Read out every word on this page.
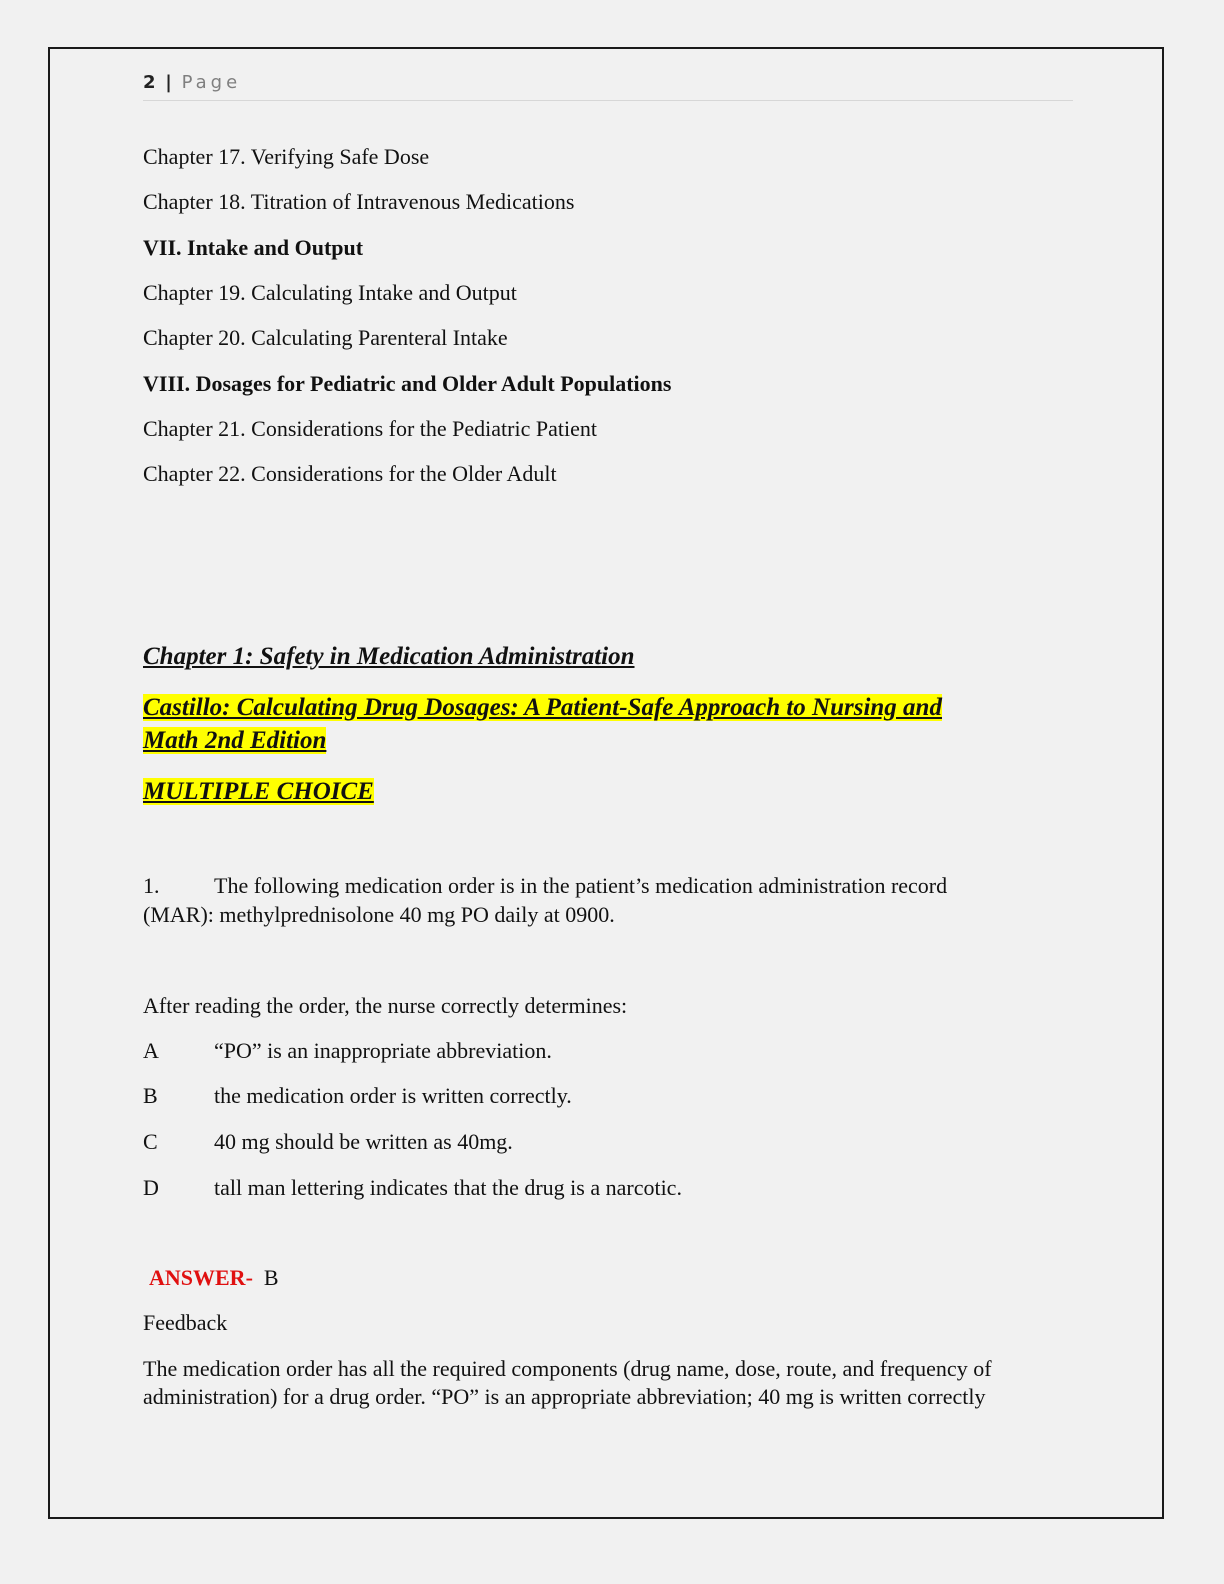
2 | Page
Chapter 17. Verifying Safe Dose
Chapter 18. Titration of Intravenous Medications
VII. Intake and Output
Chapter 19. Calculating Intake and Output
Chapter 20. Calculating Parenteral Intake
VIII. Dosages for Pediatric and Older Adult Populations
Chapter 21. Considerations for the Pediatric Patient
Chapter 22. Considerations for the Older Adult
Chapter 1: Safety in Medication Administration
Castillo: Calculating Drug Dosages: A Patient-Safe Approach to Nursing and
Math 2nd Edition
MULTIPLE CHOICE
1. The following medication order is in the patient’s medication administration record
(MAR): methylprednisolone 40 mg PO daily at 0900.
After reading the order, the nurse correctly determines:
A	“PO” is an inappropriate abbreviation.
B	the medication order is written correctly.
C	40 mg should be written as 40mg.
D	tall man lettering indicates that the drug is a narcotic.
ANSWER- B
Feedback
The medication order has all the required components (drug name, dose, route, and frequency of
administration) for a drug order. “PO” is an appropriate abbreviation; 40 mg is written correctly
